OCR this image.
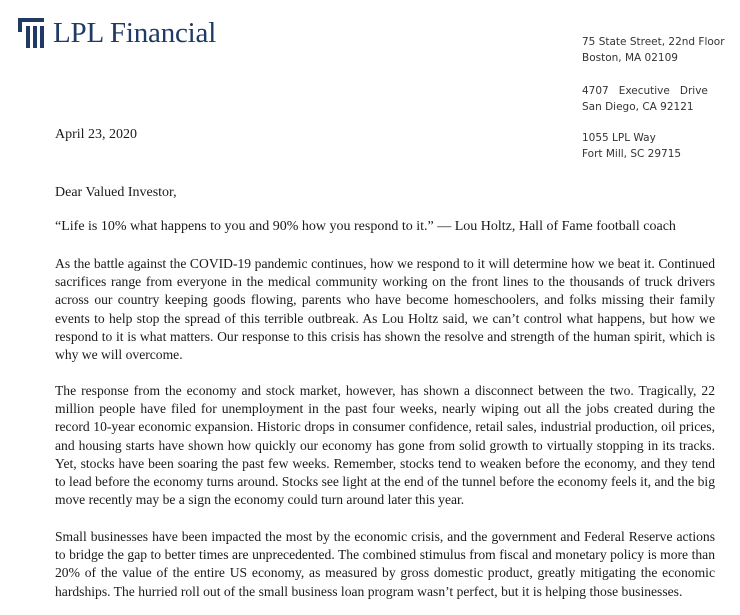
LPL Financial	75 State Street, 22nd Floor
Boston, MA 02109
4707   Executive   Drive
San Diego, CA 92121
1055 LPL Way
Fort Mill, SC 29715
April 23, 2020
Dear Valued Investor,
“Life is 10% what happens to you and 90% how you respond to it.” — Lou Holtz, Hall of Fame football coach

As the battle against the COVID-19 pandemic continues, how we respond to it will determine how we beat it. Continued sacrifices range from everyone in the medical community working on the front lines to the thousands of truck drivers across our country keeping goods flowing, parents who have become homeschoolers, and folks missing their family events to help stop the spread of this terrible outbreak. As Lou Holtz said, we can’t control what happens, but how we respond to it is what matters. Our response to this crisis has shown the resolve and strength of the human spirit, which is why we will overcome.

The response from the economy and stock market, however, has shown a disconnect between the two. Tragically, 22 million people have filed for unemployment in the past four weeks, nearly wiping out all the jobs created during the record 10-year economic expansion. Historic drops in consumer confidence, retail sales, industrial production, oil prices, and housing starts have shown how quickly our economy has gone from solid growth to virtually stopping in its tracks. Yet, stocks have been soaring the past few weeks. Remember, stocks tend to weaken before the economy, and they tend to lead before the economy turns around. Stocks see light at the end of the tunnel before the economy feels it, and the big move recently may be a sign the economy could turn around later this year.

Small businesses have been impacted the most by the economic crisis, and the government and Federal Reserve actions to bridge the gap to better times are unprecedented. The combined stimulus from fiscal and monetary policy is more than 20% of the value of the entire US economy, as measured by gross domestic product, greatly mitigating the economic hardships. The hurried roll out of the small business loan program wasn’t perfect, but it is helping those businesses.
